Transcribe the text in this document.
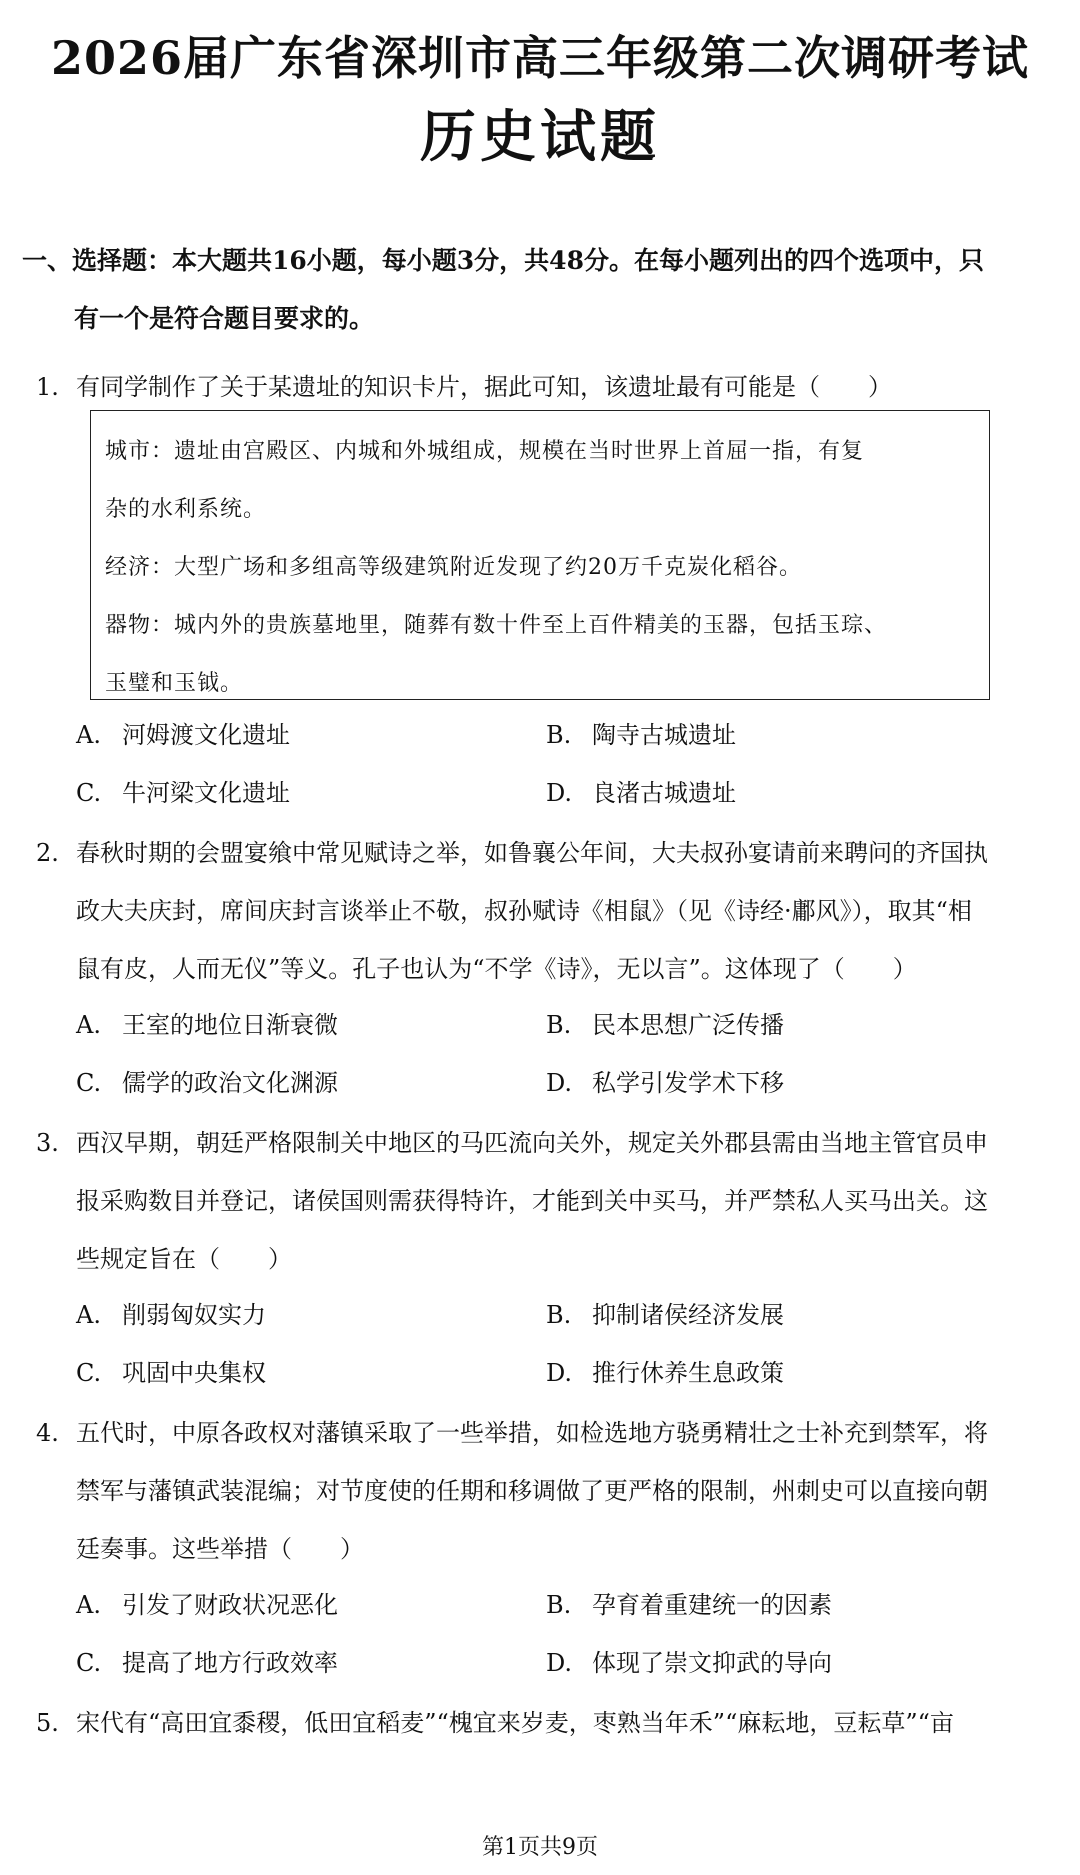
2026届广东省深圳市高三年级第二次调研考试
历史试题
一、选择题：本大题共16小题，每小题3分，共48分。在每小题列出的四个选项中，只
有一个是符合题目要求的。
1. 有同学制作了关于某遗址的知识卡片，据此可知，该遗址最有可能是（　　）
城市：遗址由宫殿区、内城和外城组成，规模在当时世界上首屈一指，有复
杂的水利系统。
经济：大型广场和多组高等级建筑附近发现了约20万千克炭化稻谷。
器物：城内外的贵族墓地里，随葬有数十件至上百件精美的玉器，包括玉琮、
玉璧和玉钺。
A. 河姆渡文化遗址	B. 陶寺古城遗址
C. 牛河梁文化遗址	D. 良渚古城遗址
2. 春秋时期的会盟宴飨中常见赋诗之举，如鲁襄公年间，大夫叔孙宴请前来聘问的齐国执
政大夫庆封，席间庆封言谈举止不敬，叔孙赋诗《相鼠》（见《诗经·鄘风》），取其“相
鼠有皮，人而无仪”等义。孔子也认为“不学《诗》，无以言”。这体现了（　　）
A. 王室的地位日渐衰微	B. 民本思想广泛传播
C. 儒学的政治文化渊源	D. 私学引发学术下移
3. 西汉早期，朝廷严格限制关中地区的马匹流向关外，规定关外郡县需由当地主管官员申
报采购数目并登记，诸侯国则需获得特许，才能到关中买马，并严禁私人买马出关。这
些规定旨在（　　）
A. 削弱匈奴实力	B. 抑制诸侯经济发展
C. 巩固中央集权	D. 推行休养生息政策
4. 五代时，中原各政权对藩镇采取了一些举措，如检选地方骁勇精壮之士补充到禁军，将
禁军与藩镇武装混编；对节度使的任期和移调做了更严格的限制，州刺史可以直接向朝
廷奏事。这些举措（　　）
A. 引发了财政状况恶化	B. 孕育着重建统一的因素
C. 提高了地方行政效率	D. 体现了崇文抑武的导向
5. 宋代有“高田宜黍稷，低田宜稻麦”“槐宜来岁麦，枣熟当年禾”“麻耘地，豆耘草”“亩
第1页共9页
